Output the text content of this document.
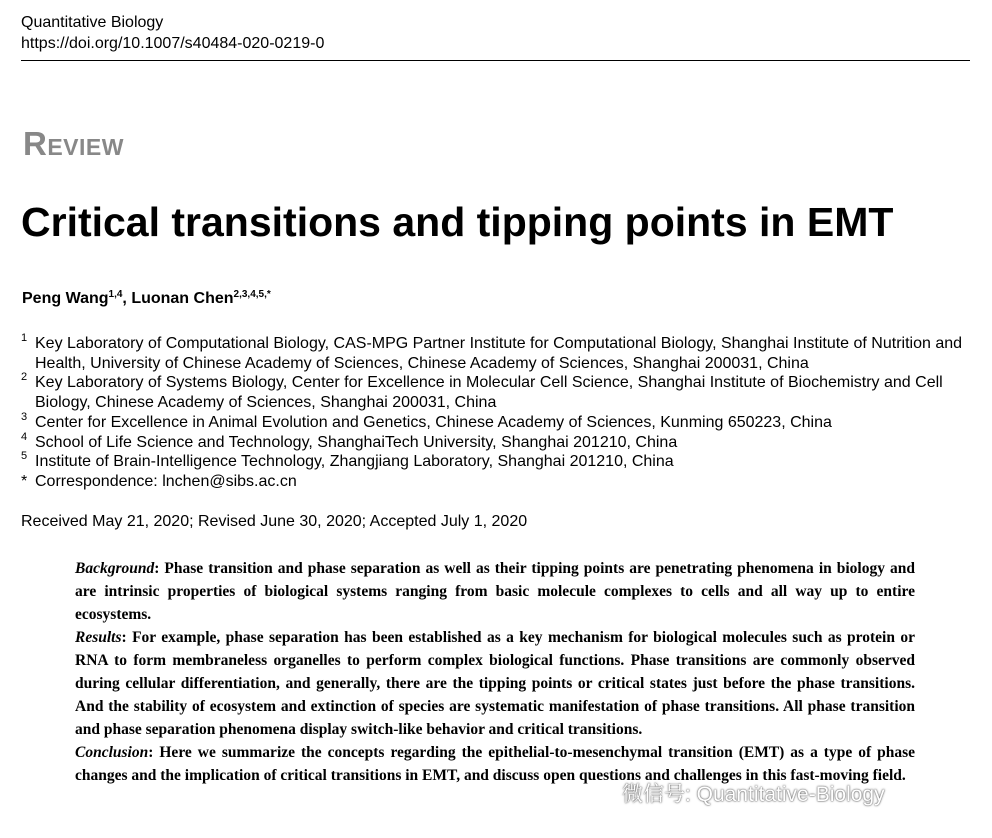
Quantitative Biology
https://doi.org/10.1007/s40484-020-0219-0
Review
Critical transitions and tipping points in EMT
Peng Wang$^{1,4}$, Luonan Chen$^{2,3,4,5,*}$
1 Key Laboratory of Computational Biology, CAS-MPG Partner Institute for Computational Biology, Shanghai Institute of Nutrition and Health, University of Chinese Academy of Sciences, Chinese Academy of Sciences, Shanghai 200031, China
2 Key Laboratory of Systems Biology, Center for Excellence in Molecular Cell Science, Shanghai Institute of Biochemistry and Cell Biology, Chinese Academy of Sciences, Shanghai 200031, China
3 Center for Excellence in Animal Evolution and Genetics, Chinese Academy of Sciences, Kunming 650223, China
4 School of Life Science and Technology, ShanghaiTech University, Shanghai 201210, China
5 Institute of Brain-Intelligence Technology, Zhangjiang Laboratory, Shanghai 201210, China
* Correspondence: lnchen@sibs.ac.cn
Received May 21, 2020; Revised June 30, 2020; Accepted July 1, 2020

Background: Phase transition and phase separation as well as their tipping points are penetrating phenomena in biology and are intrinsic properties of biological systems ranging from basic molecule complexes to cells and all way up to entire ecosystems.

Results: For example, phase separation has been established as a key mechanism for biological molecules such as protein or RNA to form membraneless organelles to perform complex biological functions. Phase transitions are commonly observed during cellular differentiation, and generally, there are the tipping points or critical states just before the phase transitions. And the stability of ecosystem and extinction of species are systematic manifestation of phase transitions. All phase transition and phase separation phenomena display switch-like behavior and critical transitions.

Conclusion: Here we summarize the concepts regarding the epithelial-to-mesenchymal transition (EMT) as a type of phase changes and the implication of critical transitions in EMT, and discuss open questions and challenges in this fast-moving field.

微信号: Quantitative-Biology
